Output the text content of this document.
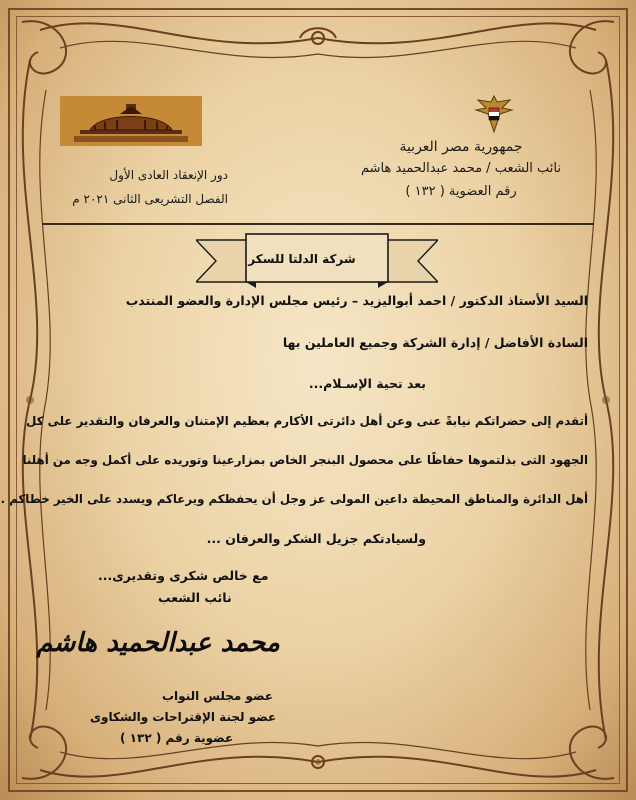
جمهورية مصر العربية
نائب الشعب / محمد عبدالحميد هاشم
رقم العضوية ( ١٣٢ )
دور الإنعقاد العادى الأول
الفصل التشريعى الثانى ٢٠٢١ م
شركة الدلتا للسكر
السيد الأستاذ الدكتور / احمد أبواليزيد – رئيس مجلس الإدارة والعضو المنتدب
السادة الأفاضل / إدارة الشركة وجميع العاملين بها
بعد تحية الإسـلام...
أتقدم إلى حضراتكم نيابةً عنى وعن أهل دائرتى الأكارم بعظيم الإمتنان والعرفان والتقدير على كل
الجهود التى بذلتموها حفاظًا على محصول البنجر الخاص بمزارعينا وتوريده على أكمل وجه من أهلنا
أهل الدائرة والمناطق المحيطة داعين المولى عز وجل أن يحفظكم ويرعاكم ويسدد على الخير خطاكم .
ولسيادتكم جزيل الشكر والعرفان ...
مع خالص شكرى وتقديرى...
نائب الشعب
محمد عبدالحميد هاشم
عضو مجلس النواب
عضو لجنة الإقتراحات والشكاوى
عضوية رقم ( ١٣٢ )
